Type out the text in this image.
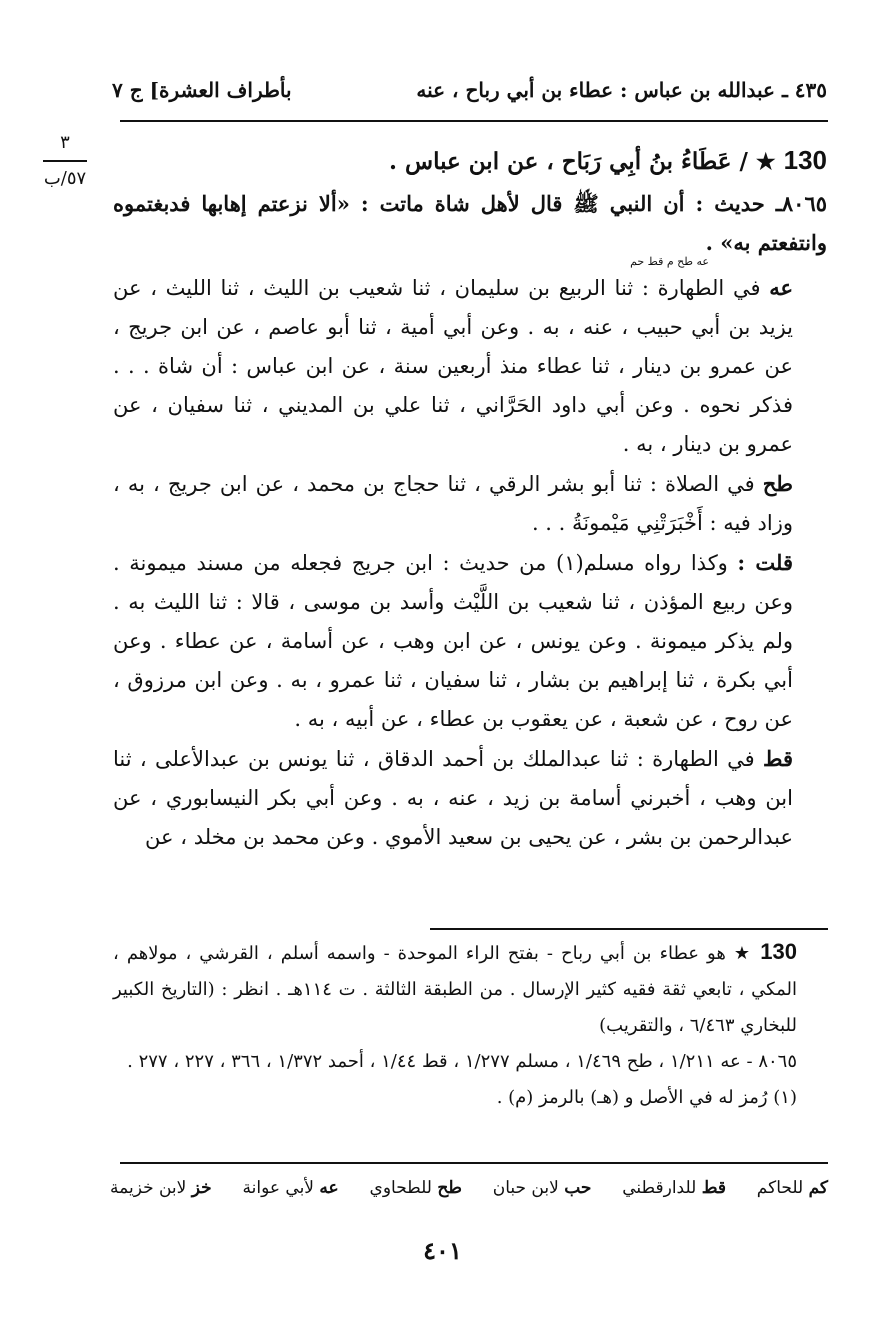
بأطراف العشرة] ج ٧	٤٣٥ ـ عبدالله بن عباس : عطاء بن أبي رباح ، عنه
٣
٥٧/ب

130 ★ / عَطَاءُ بنُ أبِي رَبَاح ، عن ابن عباس .

٨٠٦٥ـ حديث : أن النبي ﷺ قال لأهل شاة ماتت : «ألا نزعتم إهابها فدبغتموه وانتفعتم به» .

عه طح م قط حم

عه في الطهارة : ثنا الربيع بن سليمان ، ثنا شعيب بن الليث ، ثنا الليث ، عن يزيد بن أبي حبيب ، عنه ، به . وعن أبي أمية ، ثنا أبو عاصم ، عن ابن جريج ، عن عمرو بن دينار ، ثنا عطاء منذ أربعين سنة ، عن ابن عباس : أن شاة . . . فذكر نحوه . وعن أبي داود الحَرَّاني ، ثنا علي بن المديني ، ثنا سفيان ، عن عمرو بن دينار ، به .

طح في الصلاة : ثنا أبو بشر الرقي ، ثنا حجاج بن محمد ، عن ابن جريج ، به ، وزاد فيه : أَخْبَرَتْنِي مَيْمونَةُ . . .

قلت : وكذا رواه مسلم(١) من حديث : ابن جريج فجعله من مسند ميمونة . وعن ربيع المؤذن ، ثنا شعيب بن اللَّيْث وأسد بن موسى ، قالا : ثنا الليث به . ولم يذكر ميمونة . وعن يونس ، عن ابن وهب ، عن أسامة ، عن عطاء . وعن أبي بكرة ، ثنا إبراهيم بن بشار ، ثنا سفيان ، ثنا عمرو ، به . وعن ابن مرزوق ، عن روح ، عن شعبة ، عن يعقوب بن عطاء ، عن أبيه ، به .

قط في الطهارة : ثنا عبدالملك بن أحمد الدقاق ، ثنا يونس بن عبدالأعلى ، ثنا ابن وهب ، أخبرني أسامة بن زيد ، عنه ، به . وعن أبي بكر النيسابوري ، عن عبدالرحمن بن بشر ، عن يحيى بن سعيد الأموي . وعن محمد بن مخلد ، عن

130 ★ هو عطاء بن أبي رباح - بفتح الراء الموحدة - واسمه أسلم ، القرشي ، مولاهم ، المكي ، تابعي ثقة فقيه كثير الإرسال . من الطبقة الثالثة . ت ١١٤هـ . انظر : (التاريخ الكبير للبخاري ٦/٤٦٣ ، والتقريب)

٨٠٦٥ - عه ١/٢١١ ، طح ١/٤٦٩ ، مسلم ١/٢٧٧ ، قط ١/٤٤ ، أحمد ١/٣٧٢ ، ٣٦٦ ، ٢٢٧ ، ٢٧٧ .

(١) رُمز له في الأصل و (هـ) بالرمز (م) .

خز لابن خزيمة	عه لأبي عوانة	طح للطحاوي	حب لابن حبان	قط للدارقطني	كم للحاكم
٤٠١
